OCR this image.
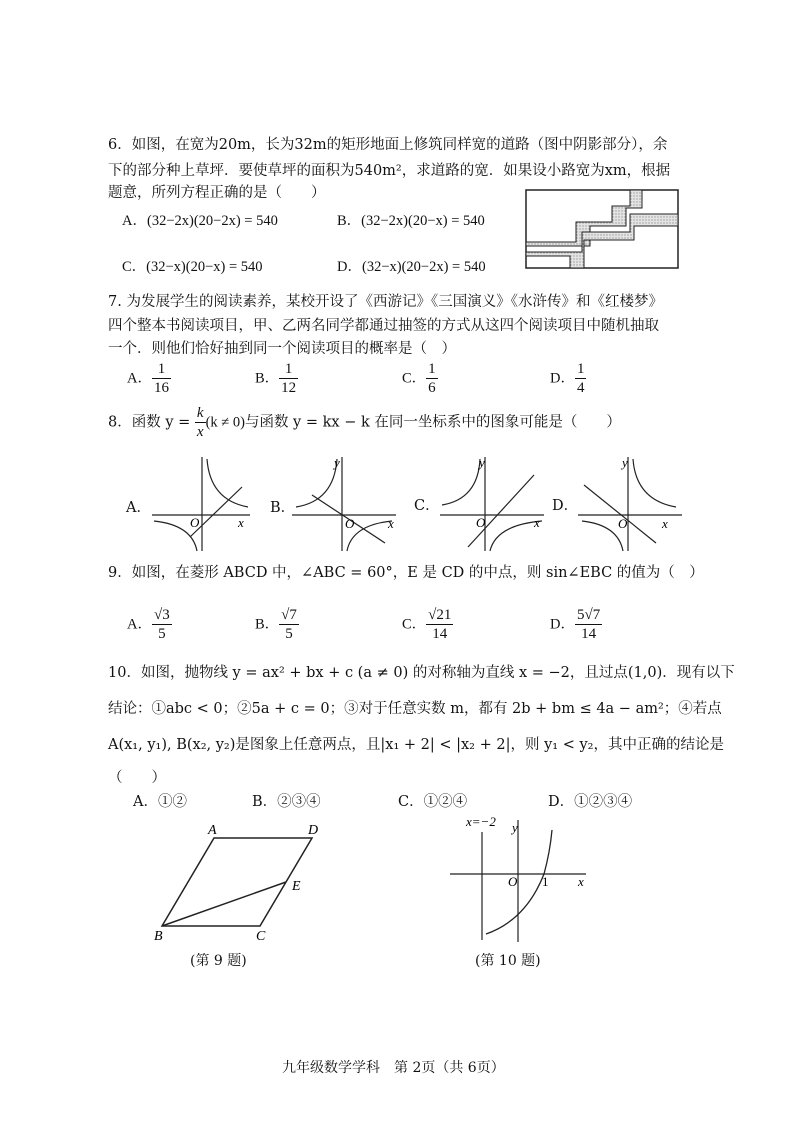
6．如图，在宽为20m，长为32m的矩形地面上修筑同样宽的道路（图中阴影部分），余
下的部分种上草坪．要使草坪的面积为540m²，求道路的宽．如果设小路宽为xm，根据
题意，所列方程正确的是（　　）
A．(32−2x)(20−2x) = 540	B．(32−2x)(20−x) = 540
C．(32−x)(20−x) = 540	D．(32−x)(20−2x) = 540
7. 为发展学生的阅读素养，某校开设了《西游记》《三国演义》《水浒传》和《红楼梦》
四个整本书阅读项目，甲、乙两名同学都通过抽签的方式从这四个阅读项目中随机抽取
一个．则他们恰好抽到同一个阅读项目的概率是（　）
A． $\frac{1}{16}$	B． $\frac{1}{12}$	C． $\frac{1}{6}$	D． $\frac{1}{4}$
8．函数 $y = \frac{k}{x} (k \ne 0)$与函数 y = kx − k 在同一坐标系中的图象可能是（　　）
A．
O	x
B．
y
O	x
C．
y
O	x
D．
y
O	x
9．如图，在菱形 ABCD 中，∠ABC = 60°，E 是 CD 的中点，则 sin∠EBC 的值为（　）
A． $\frac{√3}{5}$	B． $\frac{√7}{5}$	C． $\frac{√21}{14}$	D． $\frac{5√7}{14}$
10．如图，抛物线 y = ax² + bx + c (a ≠ 0) 的对称轴为直线 x = −2，且过点(1,0)．现有以下
结论：①abc < 0；②5a + c = 0；③对于任意实数 m，都有 2b + bm ≤ 4a − am²；④若点
A(x₁, y₁), B(x₂, y₂)是图象上任意两点，且|x₁ + 2| < |x₂ + 2|，则 y₁ < y₂，其中正确的结论是
（　　）
A．①②	B．②③④	C．①②④	D．①②③④
A	D
E
B	C
(第 9 题)
x=−2 y
O 1 x
(第 10 题)
九年级数学学科　第 2页（共 6页）
